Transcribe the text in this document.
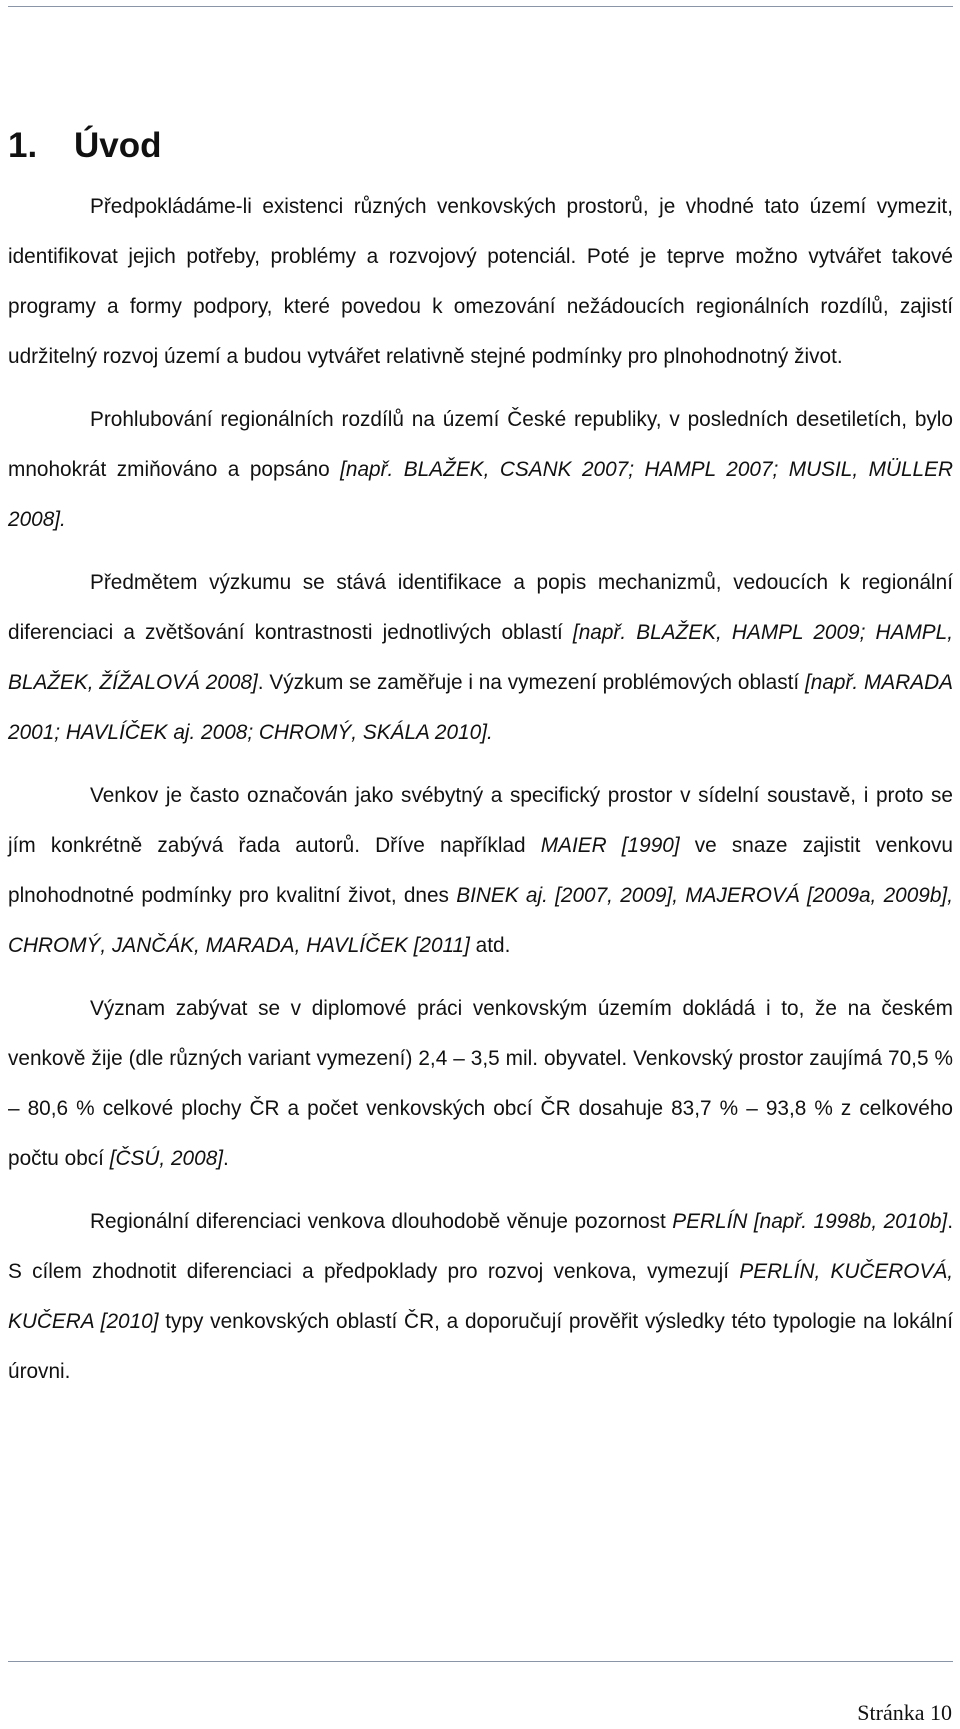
1. Úvod

Předpokládáme-li existenci různých venkovských prostorů, je vhodné tato území vymezit, identifikovat jejich potřeby, problémy a rozvojový potenciál. Poté je teprve možno vytvářet takové programy a formy podpory, které povedou k omezování nežádoucích regionálních rozdílů, zajistí udržitelný rozvoj území a budou vytvářet relativně stejné podmínky pro plnohodnotný život.

Prohlubování regionálních rozdílů na území České republiky, v posledních desetiletích, bylo mnohokrát zmiňováno a popsáno [např. BLAŽEK, CSANK 2007; HAMPL 2007; MUSIL, MÜLLER 2008].

Předmětem výzkumu se stává identifikace a popis mechanizmů, vedoucích k regionální diferenciaci a zvětšování kontrastnosti jednotlivých oblastí [např. BLAŽEK, HAMPL 2009; HAMPL, BLAŽEK, ŽÍŽALOVÁ 2008]. Výzkum se zaměřuje i na vymezení problémových oblastí [např. MARADA 2001; HAVLÍČEK aj. 2008; CHROMÝ, SKÁLA 2010].

Venkov je často označován jako svébytný a specifický prostor v sídelní soustavě, i proto se jím konkrétně zabývá řada autorů. Dříve například MAIER [1990] ve snaze zajistit venkovu plnohodnotné podmínky pro kvalitní život, dnes BINEK aj. [2007, 2009], MAJEROVÁ [2009a, 2009b], CHROMÝ, JANČÁK, MARADA, HAVLÍČEK [2011] atd.

Význam zabývat se v diplomové práci venkovským územím dokládá i to, že na českém venkově žije (dle různých variant vymezení) 2,4 – 3,5 mil. obyvatel. Venkovský prostor zaujímá 70,5 % – 80,6 % celkové plochy ČR a počet venkovských obcí ČR dosahuje 83,7 % – 93,8 % z celkového počtu obcí [ČSÚ, 2008].

Regionální diferenciaci venkova dlouhodobě věnuje pozornost PERLÍN [např. 1998b, 2010b]. S cílem zhodnotit diferenciaci a předpoklady pro rozvoj venkova, vymezují PERLÍN, KUČEROVÁ, KUČERA [2010] typy venkovských oblastí ČR, a doporučují prověřit výsledky této typologie na lokální úrovni.

Stránka 10
